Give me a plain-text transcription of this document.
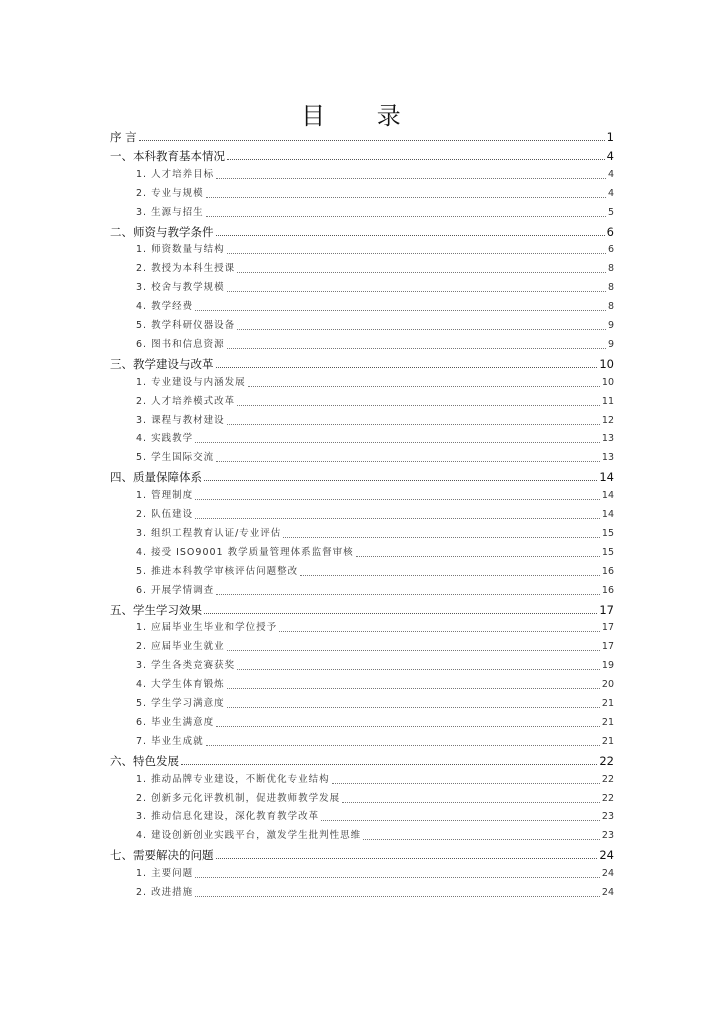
目 录
序 言	1
一、本科教育基本情况	4
1. 人才培养目标	4
2. 专业与规模	4
3. 生源与招生	5
二、师资与教学条件	6
1. 师资数量与结构	6
2. 教授为本科生授课	8
3. 校舍与教学规模	8
4. 教学经费	8
5. 教学科研仪器设备	9
6. 图书和信息资源	9
三、教学建设与改革	10
1. 专业建设与内涵发展	10
2. 人才培养模式改革	11
3. 课程与教材建设	12
4. 实践教学	13
5. 学生国际交流	13
四、质量保障体系	14
1. 管理制度	14
2. 队伍建设	14
3. 组织工程教育认证/专业评估	15
4. 接受 ISO9001 教学质量管理体系监督审核	15
5. 推进本科教学审核评估问题整改	16
6. 开展学情调查	16
五、学生学习效果	17
1. 应届毕业生毕业和学位授予	17
2. 应届毕业生就业	17
3. 学生各类竞赛获奖	19
4. 大学生体育锻炼	20
5. 学生学习满意度	21
6. 毕业生满意度	21
7. 毕业生成就	21
六、特色发展	22
1. 推动品牌专业建设，不断优化专业结构	22
2. 创新多元化评教机制，促进教师教学发展	22
3. 推动信息化建设，深化教育教学改革	23
4. 建设创新创业实践平台，激发学生批判性思维	23
七、需要解决的问题	24
1. 主要问题	24
2. 改进措施	24
